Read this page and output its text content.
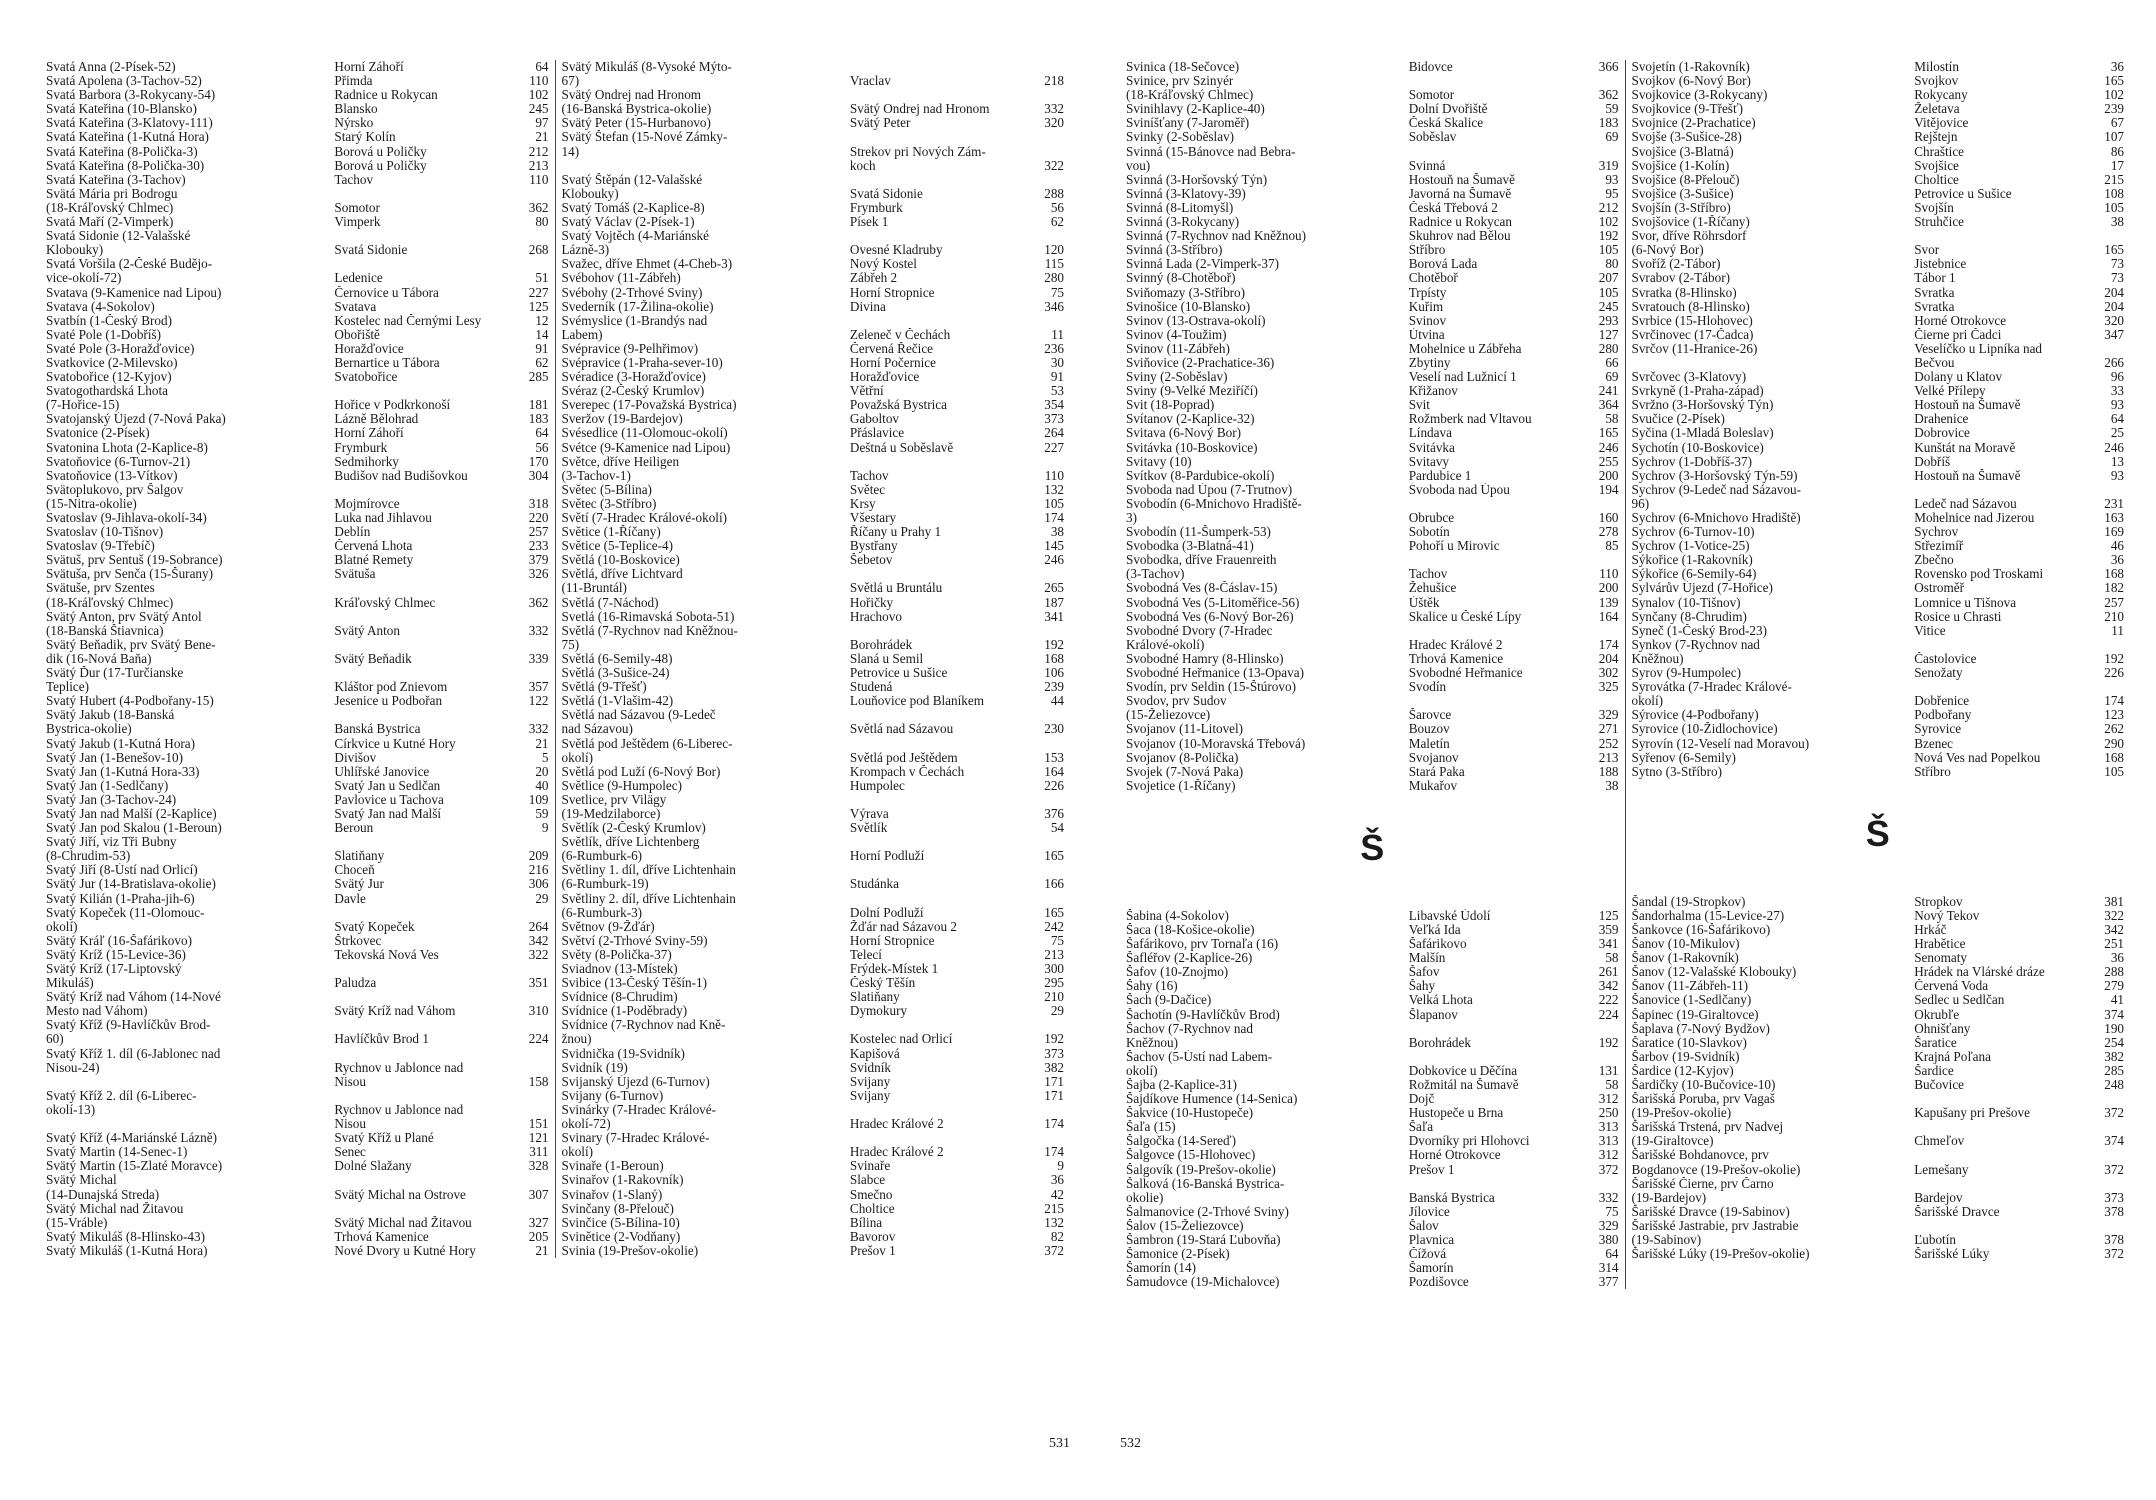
Svatá Anna (2-Písek-52)	Horní Záhoří	64
Svatá Apolena (3-Tachov-52)	Přimda	110
Svatá Barbora (3-Rokycany-54)	Radnice u Rokycan	102
Svatá Kateřina (10-Blansko)	Blansko	245
Svatá Kateřina (3-Klatovy-111)	Nýrsko	97
Svatá Kateřina (1-Kutná Hora)	Starý Kolín	21
Svatá Kateřina (8-Polička-3)	Borová u Poličky	212
Svatá Kateřina (8-Polička-30)	Borová u Poličky	213
Svatá Kateřina (3-Tachov)	Tachov	110
Svätá Mária pri Bodrogu
(18-Kráľovský Chlmec)	Somotor	362
Svatá Maří (2-Vimperk)	Vimperk	80
Svatá Sidonie (12-Valašské
Klobouky)	Svatá Sidonie	268
Svatá Voršila (2-České Budějo-
vice-okolí-72)	Ledenice	51
Svatava (9-Kamenice nad Lipou)	Černovice u Tábora	227
Svatava (4-Sokolov)	Svatava	125
Svatbín (1-Český Brod)	Kostelec nad Černými Lesy	12
Svaté Pole (1-Dobříš)	Obořiště	14
Svaté Pole (3-Horažďovice)	Horažďovice	91
Svatkovice (2-Milevsko)	Bernartice u Tábora	62
Svatobořice (12-Kyjov)	Svatobořice	285
Svatogothardská Lhota
(7-Hořice-15)	Hořice v Podkrkonoší	181
Svatojanský Újezd (7-Nová Paka)	Lázně Bělohrad	183
Svatonice (2-Písek)	Horní Záhoří	64
Svatonina Lhota (2-Kaplice-8)	Frymburk	56
Svatoňovice (6-Turnov-21)	Sedmihorky	170
Svatoňovice (13-Vítkov)	Budišov nad Budišovkou	304
Svätoplukovo, prv Šalgov
(15-Nitra-okolie)	Mojmírovce	318
Svatoslav (9-Jihlava-okolí-34)	Luka nad Jihlavou	220
Svatoslav (10-Tišnov)	Deblín	257
Svatoslav (9-Třebíč)	Červená Lhota	233
Svätuš, prv Sentuš (19-Sobrance)	Blatné Remety	379
Svätuša, prv Senča (15-Šurany)	Svätuša	326
Svätuše, prv Szentes
(18-Kráľovský Chlmec)	Kráľovský Chlmec	362
Svätý Anton, prv Svätý Antol
(18-Banská Štiavnica)	Svätý Anton	332
Svätý Beňadik, prv Svätý Bene-
dik (16-Nová Baňa)	Svätý Beňadik	339
Svätý Ďur (17-Turčianske
Teplice)	Kláštor pod Znievom	357
Svatý Hubert (4-Podbořany-15)	Jesenice u Podbořan	122
Svätý Jakub (18-Banská
Bystrica-okolie)	Banská Bystrica	332
Svatý Jakub (1-Kutná Hora)	Církvice u Kutné Hory	21
Svatý Jan (1-Benešov-10)	Divišov	5
Svatý Jan (1-Kutná Hora-33)	Uhlířské Janovice	20
Svatý Jan (1-Sedlčany)	Svatý Jan u Sedlčan	40
Svatý Jan (3-Tachov-24)	Pavlovice u Tachova	109
Svatý Jan nad Malší (2-Kaplice)	Svatý Jan nad Malší	59
Svatý Jan pod Skalou (1-Beroun)	Beroun	9
Svatý Jiří, viz Tři Bubny
(8-Chrudim-53)	Slatiňany	209
Svatý Jiří (8-Ústí nad Orlicí)	Choceň	216
Svätý Jur (14-Bratislava-okolie)	Svätý Jur	306
Svatý Kilián (1-Praha-jih-6)	Davle	29
Svatý Kopeček (11-Olomouc-
okolí)	Svatý Kopeček	264
Svätý Kráľ (16-Šafárikovo)	Štrkovec	342
Svätý Kríž (15-Levice-36)	Tekovská Nová Ves	322
Svätý Kríž (17-Liptovský
Mikuláš)	Paludza	351
Svätý Kríž nad Váhom (14-Nové
Mesto nad Váhom)	Svätý Kríž nad Váhom	310
Svatý Kříž (9-Havlíčkův Brod-
60)	Havlíčkův Brod 1	224
Svatý Kříž 1. díl (6-Jablonec nad
Nisou-24)	Rychnov u Jablonce nad
Nisou	158
Svatý Kříž 2. díl (6-Liberec-
okolí-13)	Rychnov u Jablonce nad
Nisou	151
Svatý Kříž (4-Mariánské Lázně)	Svatý Kříž u Plané	121
Svatý Martin (14-Senec-1)	Senec	311
Svätý Martin (15-Zlaté Moravce)	Dolné Slažany	328
Svätý Michal
(14-Dunajská Streda)	Svätý Michal na Ostrove	307
Svätý Michal nad Žitavou
(15-Vráble)	Svätý Michal nad Žitavou	327
Svatý Mikuláš (8-Hlinsko-43)	Trhová Kamenice	205
Svatý Mikuláš (1-Kutná Hora)	Nové Dvory u Kutné Hory	21
Svätý Mikuláš (8-Vysoké Mýto-
67)	Vraclav	218
Svätý Ondrej nad Hronom
(16-Banská Bystrica-okolie)	Svätý Ondrej nad Hronom	332
Svätý Peter (15-Hurbanovo)	Svätý Peter	320
Svätý Štefan (15-Nové Zámky-
14)	Strekov pri Nových Zám-
koch	322
Svatý Štěpán (12-Valašské
Klobouky)	Svatá Sidonie	288
Svatý Tomáš (2-Kaplice-8)	Frymburk	56
Svatý Václav (2-Písek-1)	Písek 1	62
Svatý Vojtěch (4-Mariánské
Lázně-3)	Ovesné Kladruby	120
Svažec, dříve Ehmet (4-Cheb-3)	Nový Kostel	115
Svébohov (11-Zábřeh)	Zábřeh 2	280
Svébohy (2-Trhové Sviny)	Horní Stropnice	75
Svederník (17-Žilina-okolie)	Divina	346
Svémyslice (1-Brandýs nad
Labem)	Zeleneč v Čechách	11
Svépravice (9-Pelhřimov)	Červená Řečice	236
Svépravice (1-Praha-sever-10)	Horní Počernice	30
Svéradice (3-Horažďovice)	Horažďovice	91
Svéraz (2-Český Krumlov)	Větřní	53
Sverepec (17-Považská Bystrica)	Považská Bystrica	354
Sveržov (19-Bardejov)	Gaboltov	373
Svésedlice (11-Olomouc-okolí)	Přáslavice	264
Svétce (9-Kamenice nad Lipou)	Deštná u Soběslavě	227
Světce, dříve Heiligen
(3-Tachov-1)	Tachov	110
Světec (5-Bílina)	Světec	132
Světec (3-Stříbro)	Krsy	105
Světí (7-Hradec Králové-okolí)	Všestary	174
Světice (1-Říčany)	Říčany u Prahy 1	38
Světice (5-Teplice-4)	Bystřany	145
Světlá (10-Boskovice)	Šebetov	246
Světlá, dříve Lichtvard
(11-Bruntál)	Světlá u Bruntálu	265
Světlá (7-Náchod)	Hořičky	187
Svetlá (16-Rimavská Sobota-51)	Hrachovo	341
Světlá (7-Rychnov nad Kněžnou-
75)	Borohrádek	192
Světlá (6-Semily-48)	Slaná u Semil	168
Světlá (3-Sušice-24)	Petrovice u Sušice	106
Světlá (9-Třešť)	Studená	239
Světlá (1-Vlašim-42)	Louňovice pod Blaníkem	44
Světlá nad Sázavou (9-Ledeč
nad Sázavou)	Světlá nad Sázavou	230
Světlá pod Ještědem (6-Liberec-
okolí)	Světlá pod Ještědem	153
Světlá pod Luží (6-Nový Bor)	Krompach v Čechách	164
Světlice (9-Humpolec)	Humpolec	226
Svetlice, prv Vilägy
(19-Medzilaborce)	Výrava	376
Světlík (2-Český Krumlov)	Světlík	54
Světlík, dříve Lichtenberg
(6-Rumburk-6)	Horní Podluží	165
Světliny 1. díl, dříve Lichtenhain
(6-Rumburk-19)	Studánka	166
Světliny 2. díl, dříve Lichtenhain
(6-Rumburk-3)	Dolní Podluží	165
Světnov (9-Žďár)	Žďár nad Sázavou 2	242
Světví (2-Trhové Sviny-59)	Horní Stropnice	75
Světy (8-Polička-37)	Telecí	213
Sviadnov (13-Místek)	Frýdek-Místek 1	300
Svibice (13-Český Těšín-1)	Český Těšín	295
Svídnice (8-Chrudim)	Slatiňany	210
Svídnice (1-Poděbrady)	Dymokury	29
Svídnice (7-Rychnov nad Kně-
žnou)	Kostelec nad Orlicí	192
Svidnička (19-Svidník)	Kapišová	373
Svidník (19)	Svidník	382
Svijanský Újezd (6-Turnov)	Svijany	171
Svijany (6-Turnov)	Svijany	171
Svinárky (7-Hradec Králové-
okolí-72)	Hradec Králové 2	174
Svinary (7-Hradec Králové-
okolí)	Hradec Králové 2	174
Svinaře (1-Beroun)	Svinaře	9
Svinařov (1-Rakovník)	Slabce	36
Svinařov (1-Slaný)	Smečno	42
Svinčany (8-Přelouč)	Choltice	215
Svinčice (5-Bílina-10)	Bílina	132
Svinětice (2-Vodňany)	Bavorov	82
Svinia (19-Prešov-okolie)	Prešov 1	372
531
Svinica (18-Sečovce)	Bidovce	366
Svinice, prv Szinyér
(18-Kráľovský Chlmec)	Somotor	362
Svinihlavy (2-Kaplice-40)	Dolní Dvořiště	59
Sviníšťany (7-Jaroměř)	Česká Skalice	183
Svinky (2-Soběslav)	Soběslav	69
Svinná (15-Bánovce nad Bebra-
vou)	Svinná	319
Svinná (3-Horšovský Týn)	Hostouň na Šumavě	93
Svinná (3-Klatovy-39)	Javorná na Šumavě	95
Svinná (8-Litomyšl)	Česká Třebová 2	212
Svinná (3-Rokycany)	Radnice u Rokycan	102
Svinná (7-Rychnov nad Kněžnou)	Skuhrov nad Bělou	192
Svinná (3-Stříbro)	Stříbro	105
Svinná Lada (2-Vimperk-37)	Borová Lada	80
Svinný (8-Chotěboř)	Chotěboř	207
Sviňomazy (3-Stříbro)	Trpísty	105
Svinošice (10-Blansko)	Kuřim	245
Svinov (13-Ostrava-okolí)	Svinov	293
Svinov (4-Toužim)	Útvina	127
Svinov (11-Zábřeh)	Mohelnice u Zábřeha	280
Sviňovice (2-Prachatice-36)	Zbytiny	66
Sviny (2-Soběslav)	Veselí nad Lužnicí 1	69
Sviny (9-Velké Meziříčí)	Křižanov	241
Svit (18-Poprad)	Svit	364
Svítanov (2-Kaplice-32)	Rožmberk nad Vltavou	58
Svitava (6-Nový Bor)	Líndava	165
Svitávka (10-Boskovice)	Svitávka	246
Svitavy (10)	Svitavy	255
Svítkov (8-Pardubice-okolí)	Pardubice 1	200
Svoboda nad Úpou (7-Trutnov)	Svoboda nad Úpou	194
Svobodín (6-Mnichovo Hradiště-
3)	Obrubce	160
Svobodín (11-Šumperk-53)	Sobotín	278
Svobodka (3-Blatná-41)	Pohoří u Mirovic	85
Svobodka, dříve Frauenreith
(3-Tachov)	Tachov	110
Svobodná Ves (8-Čáslav-15)	Žehušice	200
Svobodná Ves (5-Litoměřice-56)	Úštěk	139
Svobodná Ves (6-Nový Bor-26)	Skalice u České Lípy	164
Svobodné Dvory (7-Hradec
Králové-okolí)	Hradec Králové 2	174
Svobodné Hamry (8-Hlinsko)	Trhová Kamenice	204
Svobodné Heřmanice (13-Opava)	Svobodné Heřmanice	302
Svodín, prv Seldin (15-Štúrovo)	Svodín	325
Svodov, prv Sudov
(15-Želiezovce)	Šarovce	329
Svojanov (11-Litovel)	Bouzov	271
Svojanov (10-Moravská Třebová)	Maletín	252
Svojanov (8-Polička)	Svojanov	213
Svojek (7-Nová Paka)	Stará Paka	188
Svojetice (1-Říčany)	Mukařov	38
Š
Šabina (4-Sokolov)	Libavské Údolí	125
Šaca (18-Košice-okolie)	Veľká Ida	359
Šafárikovo, prv Tornaľa (16)	Šafárikovo	341
Šafléřov (2-Kaplice-26)	Malšín	58
Šafov (10-Znojmo)	Šafov	261
Šahy (16)	Šahy	342
Šach (9-Dačice)	Velká Lhota	222
Šachotín (9-Havlíčkův Brod)	Šlapanov	224
Šachov (7-Rychnov nad
Kněžnou)	Borohrádek	192
Šachov (5-Ústí nad Labem-
okolí)	Dobkovice u Děčína	131
Šajba (2-Kaplice-31)	Rožmitál na Šumavě	58
Šajdíkove Humence (14-Senica)	Dojč	312
Šakvice (10-Hustopeče)	Hustopeče u Brna	250
Šaľa (15)	Šaľa	313
Šalgočka (14-Sereď)	Dvorníky pri Hlohovci	313
Šalgovce (15-Hlohovec)	Horné Otrokovce	312
Šalgovík (19-Prešov-okolie)	Prešov 1	372
Šalková (16-Banská Bystrica-
okolie)	Banská Bystrica	332
Šalmanovice (2-Trhové Sviny)	Jílovice	75
Šalov (15-Želiezovce)	Šalov	329
Šambron (19-Stará Ľubovňa)	Plavnica	380
Šamonice (2-Písek)	Čížová	64
Šamorín (14)	Šamorín	314
Šamudovce (19-Michalovce)	Pozdišovce	377
Svojetín (1-Rakovník)	Milostín	36
Svojkov (6-Nový Bor)	Svojkov	165
Svojkovice (3-Rokycany)	Rokycany	102
Svojkovice (9-Třešť)	Želetava	239
Svojnice (2-Prachatice)	Vitějovice	67
Svojše (3-Sušice-28)	Rejštejn	107
Svojšice (3-Blatná)	Chraštice	86
Svojšice (1-Kolín)	Svojšice	17
Svojšice (8-Přelouč)	Choltice	215
Svojšice (3-Sušice)	Petrovice u Sušice	108
Svojšín (3-Stříbro)	Svojšín	105
Svojšovice (1-Říčany)	Struhčice	38
Svor, dříve Röhrsdorf
(6-Nový Bor)	Svor	165
Svoříž (2-Tábor)	Jistebnice	73
Svrabov (2-Tábor)	Tábor 1	73
Svratka (8-Hlinsko)	Svratka	204
Svratouch (8-Hlinsko)	Svratka	204
Svrbice (15-Hlohovec)	Horné Otrokovce	320
Svrčinovec (17-Čadca)	Čierne pri Čadci	347
Svrčov (11-Hranice-26)	Veselíčko u Lipníka nad
Bečvou	266
Svrčovec (3-Klatovy)	Dolany u Klatov	96
Svrkyně (1-Praha-západ)	Velké Přílepy	33
Svržno (3-Horšovský Týn)	Hostouň na Šumavě	93
Svučice (2-Písek)	Drahenice	64
Syčina (1-Mladá Boleslav)	Dobrovice	25
Sychotín (10-Boskovice)	Kunštát na Moravě	246
Sychrov (1-Dobříš-37)	Dobříš	13
Sychrov (3-Horšovský Týn-59)	Hostouň na Šumavě	93
Sychrov (9-Ledeč nad Sázavou-
96)	Ledeč nad Sázavou	231
Sychrov (6-Mnichovo Hradiště)	Mohelnice nad Jizerou	163
Sychrov (6-Turnov-10)	Sychrov	169
Sychrov (1-Votice-25)	Střezimíř	46
Sýkořice (1-Rakovník)	Zbečno	36
Sýkořice (6-Semily-64)	Rovensko pod Troskami	168
Sylvárův Újezd (7-Hořice)	Ostroměř	182
Synalov (10-Tišnov)	Lomnice u Tišnova	257
Synčany (8-Chrudim)	Rosice u Chrasti	210
Syneč (1-Český Brod-23)	Vitice	11
Synkov (7-Rychnov nad
Kněžnou)	Častolovice	192
Syrov (9-Humpolec)	Senožaty	226
Syrovátka (7-Hradec Králové-
okolí)	Dobřenice	174
Sýrovice (4-Podbořany)	Podbořany	123
Syrovice (10-Židlochovice)	Syrovice	262
Syrovín (12-Veselí nad Moravou)	Bzenec	290
Syřenov (6-Semily)	Nová Ves nad Popelkou	168
Sytno (3-Stříbro)	Stříbro	105
Š
Šandal (19-Stropkov)	Stropkov	381
Šandorhalma (15-Levice-27)	Nový Tekov	322
Šankovce (16-Šafárikovo)	Hrkáč	342
Šanov (10-Mikulov)	Hrabětice	251
Šanov (1-Rakovník)	Senomaty	36
Šanov (12-Valašské Klobouky)	Hrádek na Vlárské dráze	288
Šanov (11-Zábřeh-11)	Červená Voda	279
Šanovice (1-Sedlčany)	Sedlec u Sedlčan	41
Šapinec (19-Giraltovce)	Okrubľe	374
Šaplava (7-Nový Bydžov)	Ohnišťany	190
Šaratice (10-Slavkov)	Šaratice	254
Šarbov (19-Svidník)	Krajná Poľana	382
Šardice (12-Kyjov)	Šardice	285
Šardičky (10-Bučovice-10)	Bučovice	248
Šarišská Poruba, prv Vagaš
(19-Prešov-okolie)	Kapušany pri Prešove	372
Šarišská Trstená, prv Nadvej
(19-Giraltovce)	Chmeľov	374
Šarišské Bohdanovce, prv
Bogdanovce (19-Prešov-okolie)	Lemešany	372
Šarišské Čierne, prv Čarno
(19-Bardejov)	Bardejov	373
Šarišské Dravce (19-Sabinov)	Šarišské Dravce	378
Šarišské Jastrabie, prv Jastrabie
(19-Sabinov)	Ľubotín	378
Šarišské Lúky (19-Prešov-okolie)	Šarišské Lúky	372
532
